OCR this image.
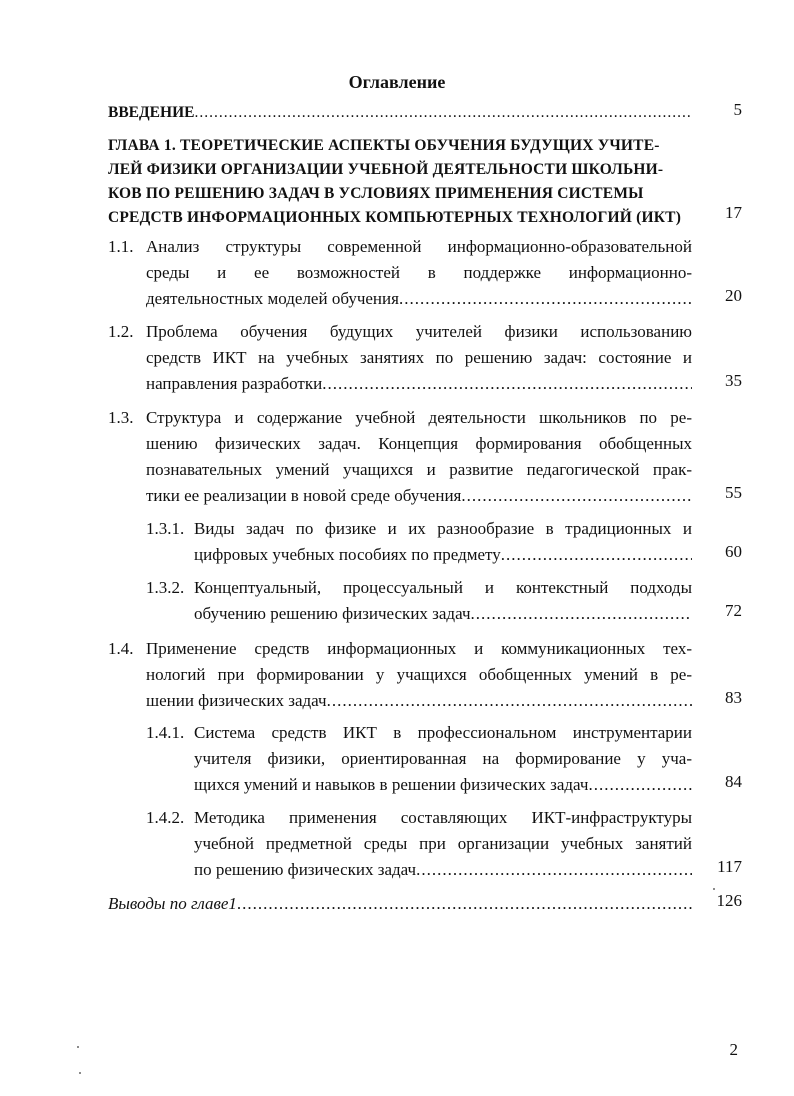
Оглавление
ВВЕДЕНИЕ .....	5
ГЛАВА 1. ТЕОРЕТИЧЕСКИЕ АСПЕКТЫ ОБУЧЕНИЯ БУДУЩИХ УЧИТЕ-
ЛЕЙ ФИЗИКИ ОРГАНИЗАЦИИ УЧЕБНОЙ ДЕЯТЕЛЬНОСТИ ШКОЛЬНИ-
КОВ ПО РЕШЕНИЮ ЗАДАЧ В УСЛОВИЯХ ПРИМЕНЕНИЯ СИСТЕМЫ
СРЕДСТВ ИНФОРМАЦИОННЫХ КОМПЬЮТЕРНЫХ ТЕХНОЛОГИЙ (ИКТ)	17
1.1. Анализ структуры современной информационно-образовательной
среды и ее возможностей в поддержке информационно-
деятельностных моделей обучения .....	20
1.2. Проблема обучения будущих учителей физики использованию
средств ИКТ на учебных занятиях по решению задач: состояние и
направления разработки .....	35
1.3. Структура и содержание учебной деятельности школьников по ре-
шению физических задач. Концепция формирования обобщенных
познавательных умений учащихся и развитие педагогической прак-
тики ее реализации в новой среде обучения .....	55
1.3.1. Виды задач по физике и их разнообразие в традиционных и
цифровых учебных пособиях по предмету .....	60
1.3.2. Концептуальный, процессуальный и контекстный подходы
обучению решению физических задач .....	72
1.4. Применение средств информационных и коммуникационных тех-
нологий при формировании у учащихся обобщенных умений в ре-
шении физических задач .....	83
1.4.1. Система средств ИКТ в профессиональном инструментарии
учителя физики, ориентированная на формирование у уча-
щихся умений и навыков в решении физических задач .....	84
1.4.2. Методика применения составляющих ИКТ-инфраструктуры
учебной предметной среды при организации учебных занятий
по решению физических задач .....	117
Выводы по главе1 .....	126
2
